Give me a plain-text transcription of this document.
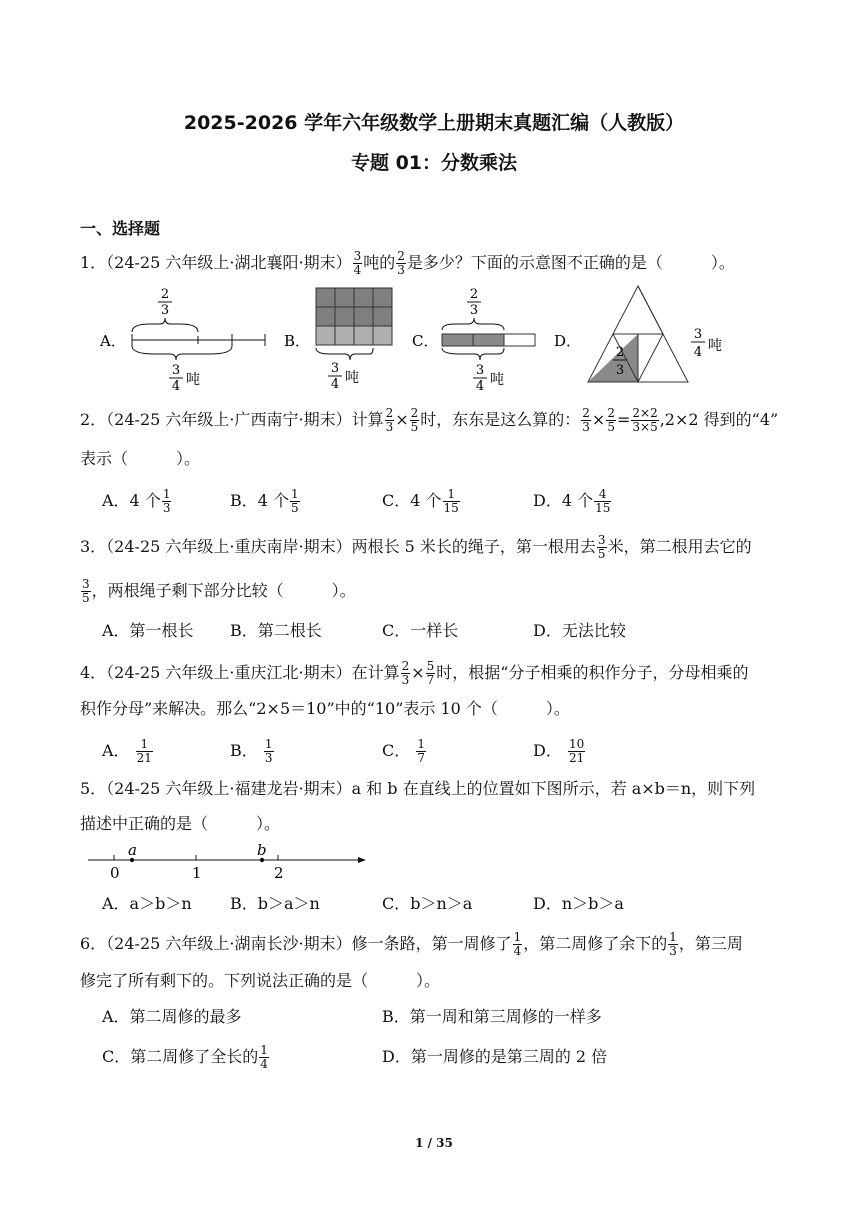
2025-2026 学年六年级数学上册期末真题汇编（人教版）
专题 01：分数乘法
一、选择题
1．（24-25 六年级上·湖北襄阳·期末） $\frac{3}{4}$ 吨的 $\frac{2}{3}$ 是多少？下面的示意图不正确的是（　　　）。
A．
2
3
3
4 吨
B．
3
4 吨
C．
2
3
3
4 吨
D．
2
3
3
4 吨
2．（24-25 六年级上·广西南宁·期末）计算 $\frac{2}{3} \times \frac{2}{5}$ 时，东东是这么算的： $\frac{2}{3} \times \frac{2}{5} = \frac{2\times 2}{3\times 5} ,2\times 2$ 得到的“4”
表示（　　　）。
A．4 个 $\frac{1}{3}$	B．4 个 $\frac{1}{5}$	C．4 个 $\frac{1}{15}$	D．4 个 $\frac{4}{15}$
3．（24-25 六年级上·重庆南岸·期末）两根长 5 米长的绳子，第一根用去 $\frac{3}{5}$ 米，第二根用去它的
$\frac{3}{5}$ ，两根绳子剩下部分比较（　　　）。
A．第一根长 B．第二根长	C．一样长	D．无法比较
4．（24-25 六年级上·重庆江北·期末）在计算 $\frac{2}{3} \times \frac{5}{7}$ 时，根据“分子相乘的积作分子，分母相乘的
积作分母”来解决。那么“2×5＝10”中的“10”表示 10 个（　　　）。
A． $\frac{1}{21}$	B． $\frac{1}{3}$	C． $\frac{1}{7}$	D． $\frac{10}{21}$
5．（24-25 六年级上·福建龙岩·期末）a 和 b 在直线上的位置如下图所示，若 a×b＝n，则下列
描述中正确的是（　　　）。
a	b
0	1	2
A．a＞b＞n B．b＞a＞n	C．b＞n＞a	D．n＞b＞a
6．（24-25 六年级上·湖南长沙·期末）修一条路，第一周修了 $\frac{1}{4}$ ，第二周修了余下的 $\frac{1}{3}$ ，第三周
修完了所有剩下的。下列说法正确的是（　　　）。
A．第二周修的最多	B．第一周和第三周修的一样多
C．第二周修了全长的 $\frac{1}{4}$	D．第一周修的是第三周的 2 倍
1 / 35
